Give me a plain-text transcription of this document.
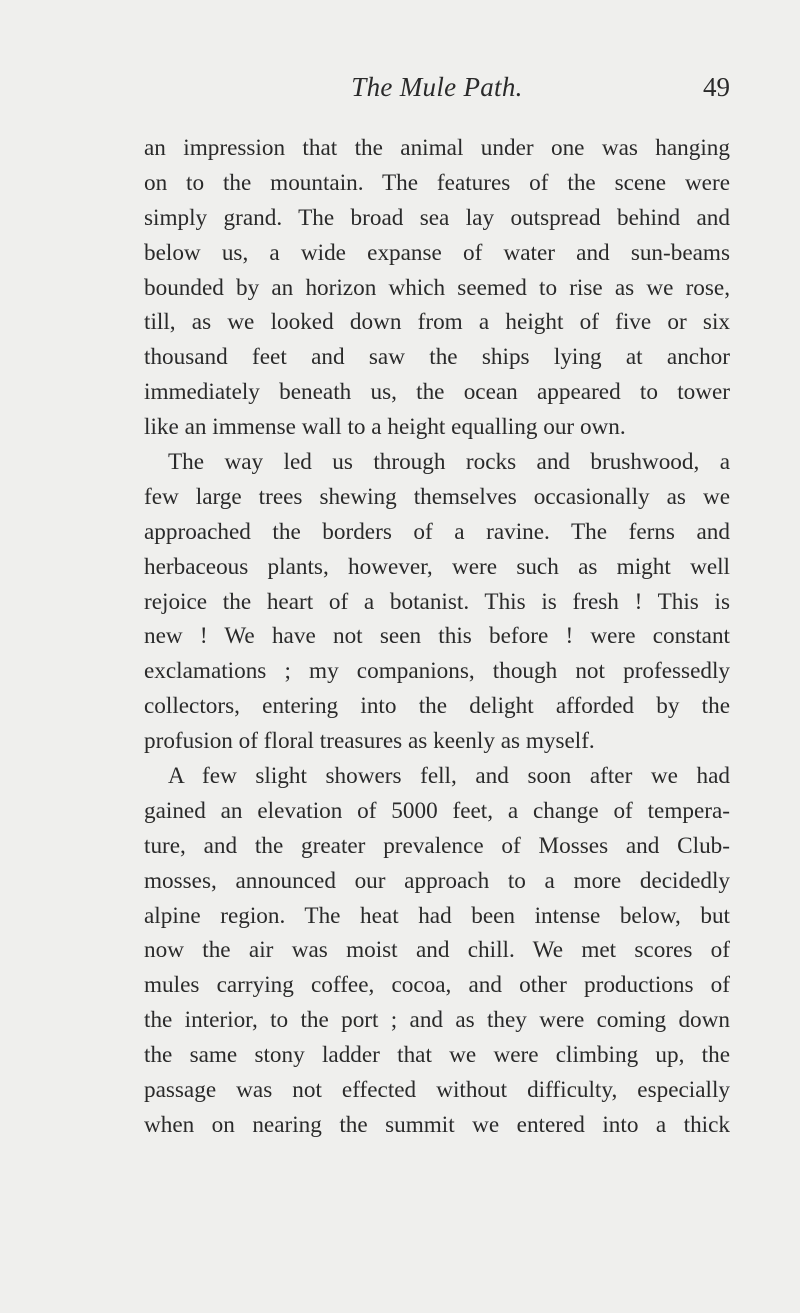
The Mule Path.	49
an impression that the animal under one was hanging
on to the mountain. The features of the scene were
simply grand. The broad sea lay outspread behind and
below us, a wide expanse of water and sun-beams
bounded by an horizon which seemed to rise as we rose,
till, as we looked down from a height of five or six
thousand feet and saw the ships lying at anchor
immediately beneath us, the ocean appeared to tower
like an immense wall to a height equalling our own.
The way led us through rocks and brushwood, a
few large trees shewing themselves occasionally as we
approached the borders of a ravine. The ferns and
herbaceous plants, however, were such as might well
rejoice the heart of a botanist. This is fresh ! This is
new ! We have not seen this before ! were constant
exclamations ; my companions, though not professedly
collectors, entering into the delight afforded by the
profusion of floral treasures as keenly as myself.
A few slight showers fell, and soon after we had
gained an elevation of 5000 feet, a change of tempera-
ture, and the greater prevalence of Mosses and Club-
mosses, announced our approach to a more decidedly
alpine region. The heat had been intense below, but
now the air was moist and chill. We met scores of
mules carrying coffee, cocoa, and other productions of
the interior, to the port ; and as they were coming down
the same stony ladder that we were climbing up, the
passage was not effected without difficulty, especially
when on nearing the summit we entered into a thick
